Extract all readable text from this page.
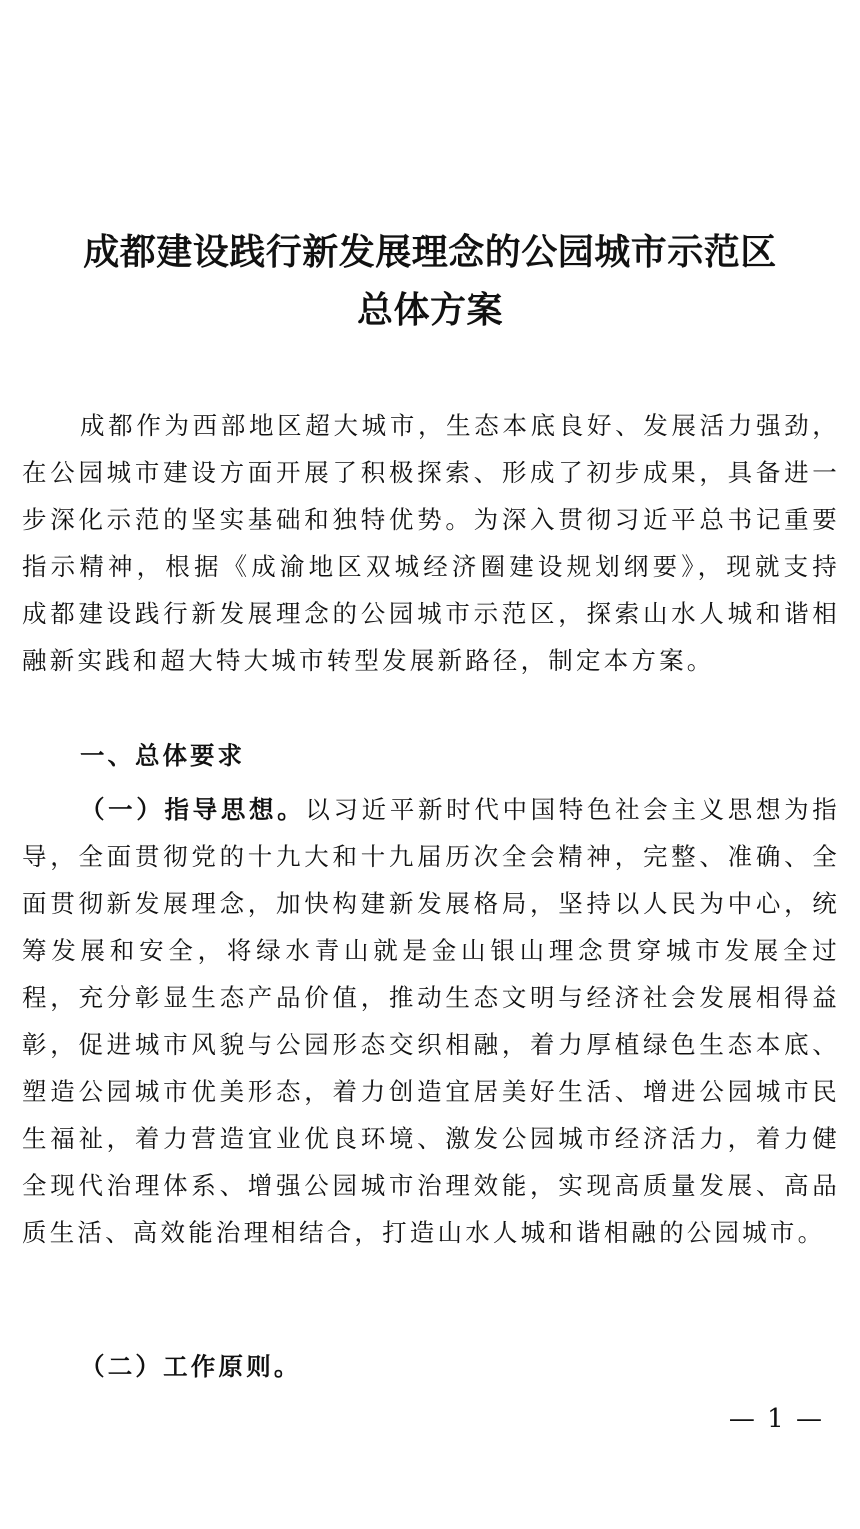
成都建设践行新发展理念的公园城市示范区
总体方案

成都作为西部地区超大城市，生态本底良好、发展活力强劲，在公园城市建设方面开展了积极探索、形成了初步成果，具备进一步深化示范的坚实基础和独特优势。为深入贯彻习近平总书记重要指示精神，根据《成渝地区双城经济圈建设规划纲要》，现就支持成都建设践行新发展理念的公园城市示范区，探索山水人城和谐相融新实践和超大特大城市转型发展新路径，制定本方案。

一、总体要求

（一）指导思想。以习近平新时代中国特色社会主义思想为指导，全面贯彻党的十九大和十九届历次全会精神，完整、准确、全面贯彻新发展理念，加快构建新发展格局，坚持以人民为中心，统筹发展和安全，将绿水青山就是金山银山理念贯穿城市发展全过程，充分彰显生态产品价值，推动生态文明与经济社会发展相得益彰，促进城市风貌与公园形态交织相融，着力厚植绿色生态本底、塑造公园城市优美形态，着力创造宜居美好生活、增进公园城市民生福祉，着力营造宜业优良环境、激发公园城市经济活力，着力健全现代治理体系、增强公园城市治理效能，实现高质量发展、高品质生活、高效能治理相结合，打造山水人城和谐相融的公园城市。

（二）工作原则。

— 1 —
